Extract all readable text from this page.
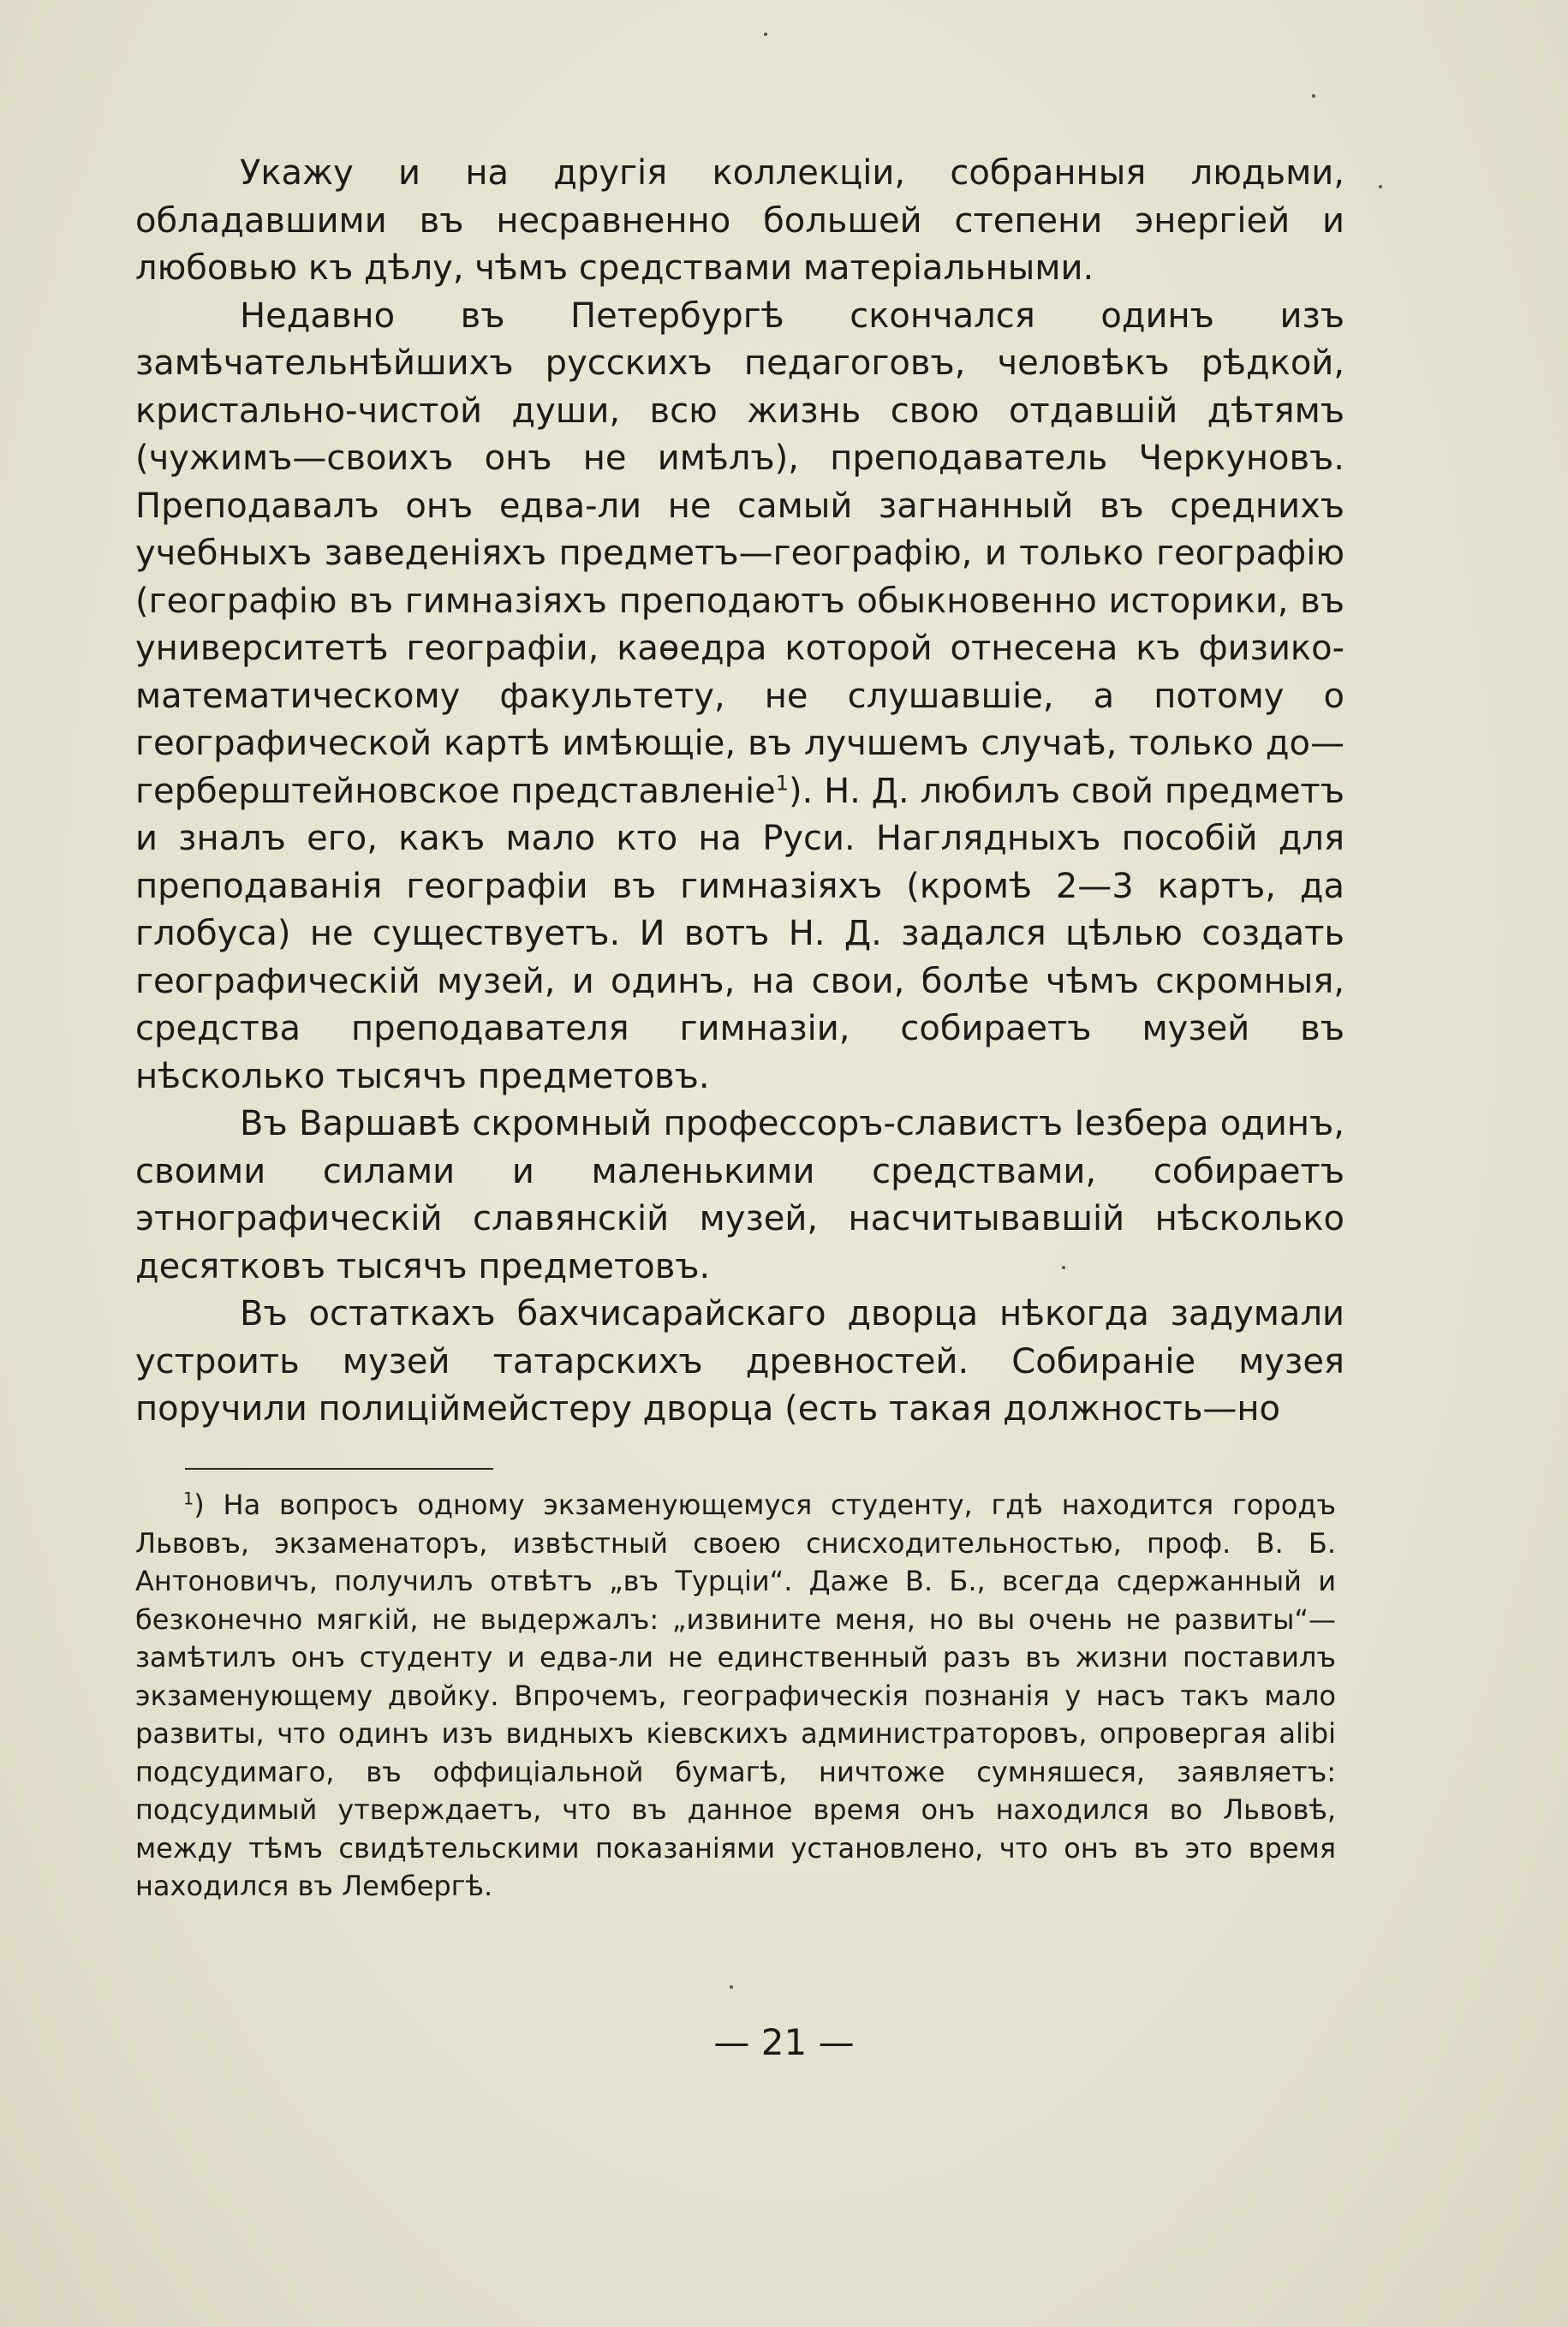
Укажу и на другія коллекціи, собранныя людьми, обладавшими въ несравненно большей степени энергіей и любовью къ дѣлу, чѣмъ средствами матеріальными.

Недавно въ Петербургѣ скончался одинъ изъ замѣчательнѣйшихъ русскихъ педагоговъ, человѣкъ рѣдкой, кристально-чистой души, всю жизнь свою отдавшій дѣтямъ (чужимъ—своихъ онъ не имѣлъ), преподаватель Черкуновъ. Преподавалъ онъ едва-ли не самый загнанный въ среднихъ учебныхъ заведеніяхъ предметъ—географію, и только географію (географію въ гимназіяхъ преподаютъ обыкновенно историки, въ университетѣ географіи, каѳедра которой отнесена къ физико-математическому факультету, не слушавшіе, а потому о географической картѣ имѣющіе, въ лучшемъ случаѣ, только до—герберштейновское представленіе$^1$). Н. Д. любилъ свой предметъ и зналъ его, какъ мало кто на Руси. Наглядныхъ пособій для преподаванія географіи въ гимназіяхъ (кромѣ 2—3 картъ, да глобуса) не существуетъ. И вотъ Н. Д. задался цѣлью создать географическій музей, и одинъ, на свои, болѣе чѣмъ скромныя, средства преподавателя гимназіи, собираетъ музей въ нѣсколько тысячъ предметовъ.

Въ Варшавѣ скромный профессоръ-славистъ Іезбера одинъ, своими силами и маленькими средствами, собираетъ этнографическій славянскій музей, насчитывавшій нѣсколько десятковъ тысячъ предметовъ.

Въ остаткахъ бахчисарайскаго дворца нѣкогда задумали устроить музей татарскихъ древностей. Собираніе музея поручили полиціймейстеру дворца (есть такая должность—но

$^1$) На вопросъ одному экзаменующемуся студенту, гдѣ находится городъ Львовъ, экзаменаторъ, извѣстный своею снисходительностью, проф. В. Б. Антоновичъ, получилъ отвѣтъ „въ Турціи“. Даже В. Б., всегда сдержанный и безконечно мягкій, не выдержалъ: „извините меня, но вы очень не развиты“—замѣтилъ онъ студенту и едва-ли не единственный разъ въ жизни поставилъ экзаменующему двойку. Впрочемъ, географическія познанія у насъ такъ мало развиты, что одинъ изъ видныхъ кіевскихъ администраторовъ, опровергая alibi подсудимаго, въ оффиціальной бумагѣ, ничтоже сумняшеся, заявляетъ: подсудимый утверждаетъ, что въ данное время онъ находился во Львовѣ, между тѣмъ свидѣтельскими показаніями установлено, что онъ въ это время находился въ Лембергѣ.

— 21 —
